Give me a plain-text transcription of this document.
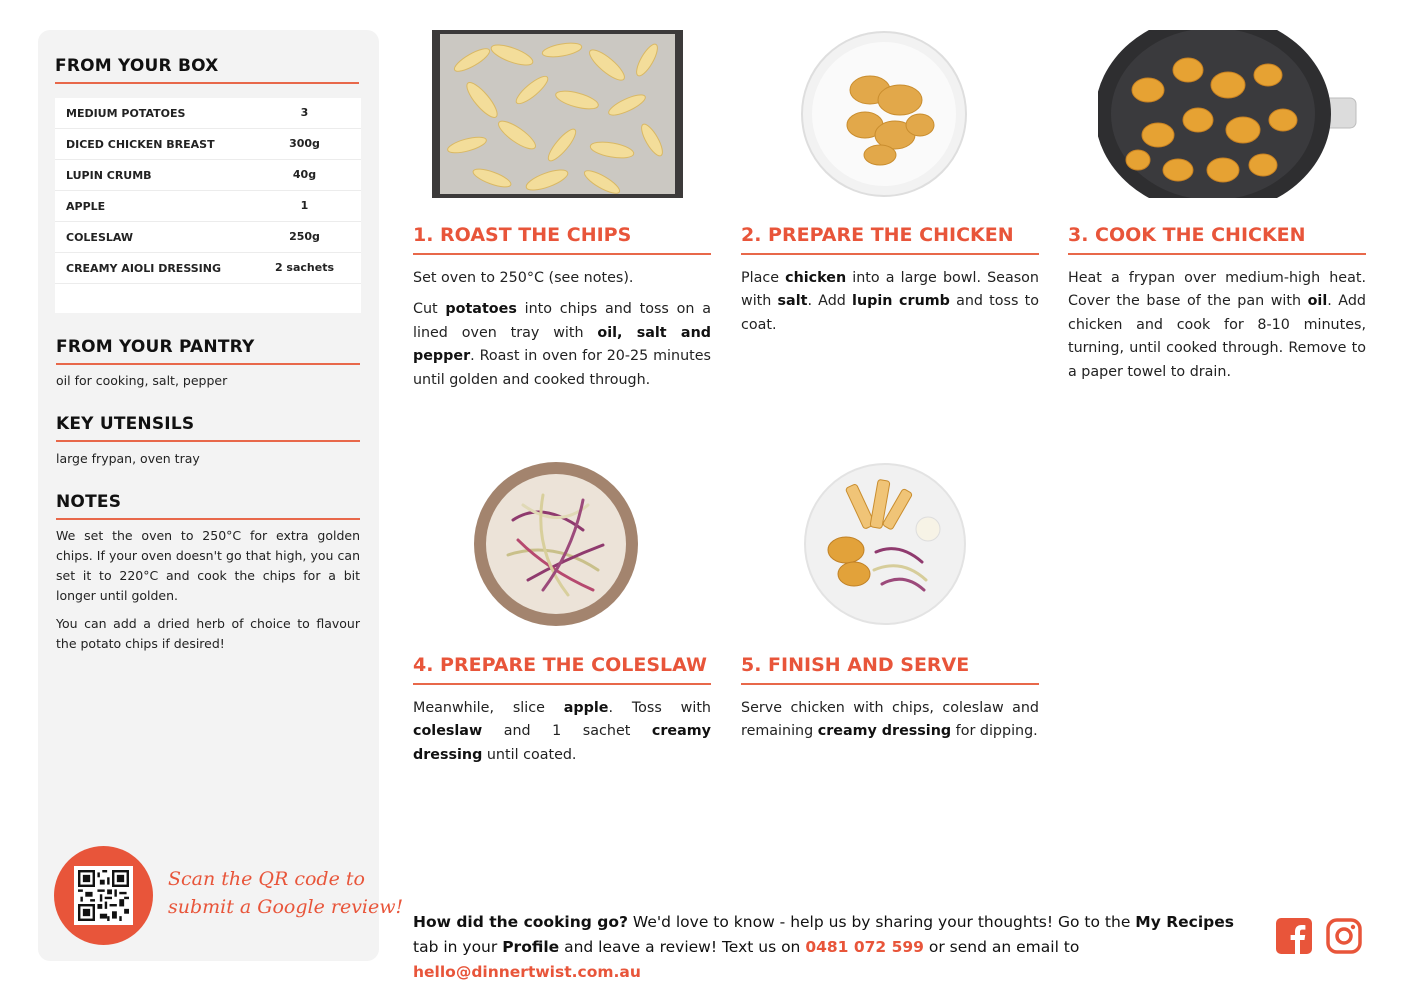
FROM YOUR BOX
MEDIUM POTATOES	3
DICED CHICKEN BREAST	300g
LUPIN CRUMB	40g
APPLE	1
COLESLAW	250g
CREAMY AIOLI DRESSING	2 sachets
FROM YOUR PANTRY
oil for cooking, salt, pepper
KEY UTENSILS
large frypan, oven tray
NOTES
We set the oven to 250°C for extra golden chips. If your oven doesn't go that high, you can set it to 220°C and cook the chips for a bit longer until golden.
You can add a dried herb of choice to flavour the potato chips if desired!
Scan the QR code to
submit a Google review!
1. ROAST THE CHIPS

Set oven to 250°C (see notes).

Cut potatoes into chips and toss on a lined oven tray with oil, salt and pepper. Roast in oven for 20-25 minutes until golden and cooked through.

2. PREPARE THE CHICKEN

Place chicken into a large bowl. Season with salt. Add lupin crumb and toss to coat.

3. COOK THE CHICKEN

Heat a frypan over medium-high heat. Cover the base of the pan with oil. Add chicken and cook for 8-10 minutes, turning, until cooked through. Remove to a paper towel to drain.

4. PREPARE THE COLESLAW

Meanwhile, slice apple. Toss with coleslaw and 1 sachet creamy dressing until coated.

5. FINISH AND SERVE

Serve chicken with chips, coleslaw and remaining creamy dressing for dipping.

How did the cooking go? We'd love to know - help us by sharing your thoughts! Go to the My Recipes tab in your Profile and leave a review! Text us on 0481 072 599 or send an email to hello@dinnertwist.com.au
